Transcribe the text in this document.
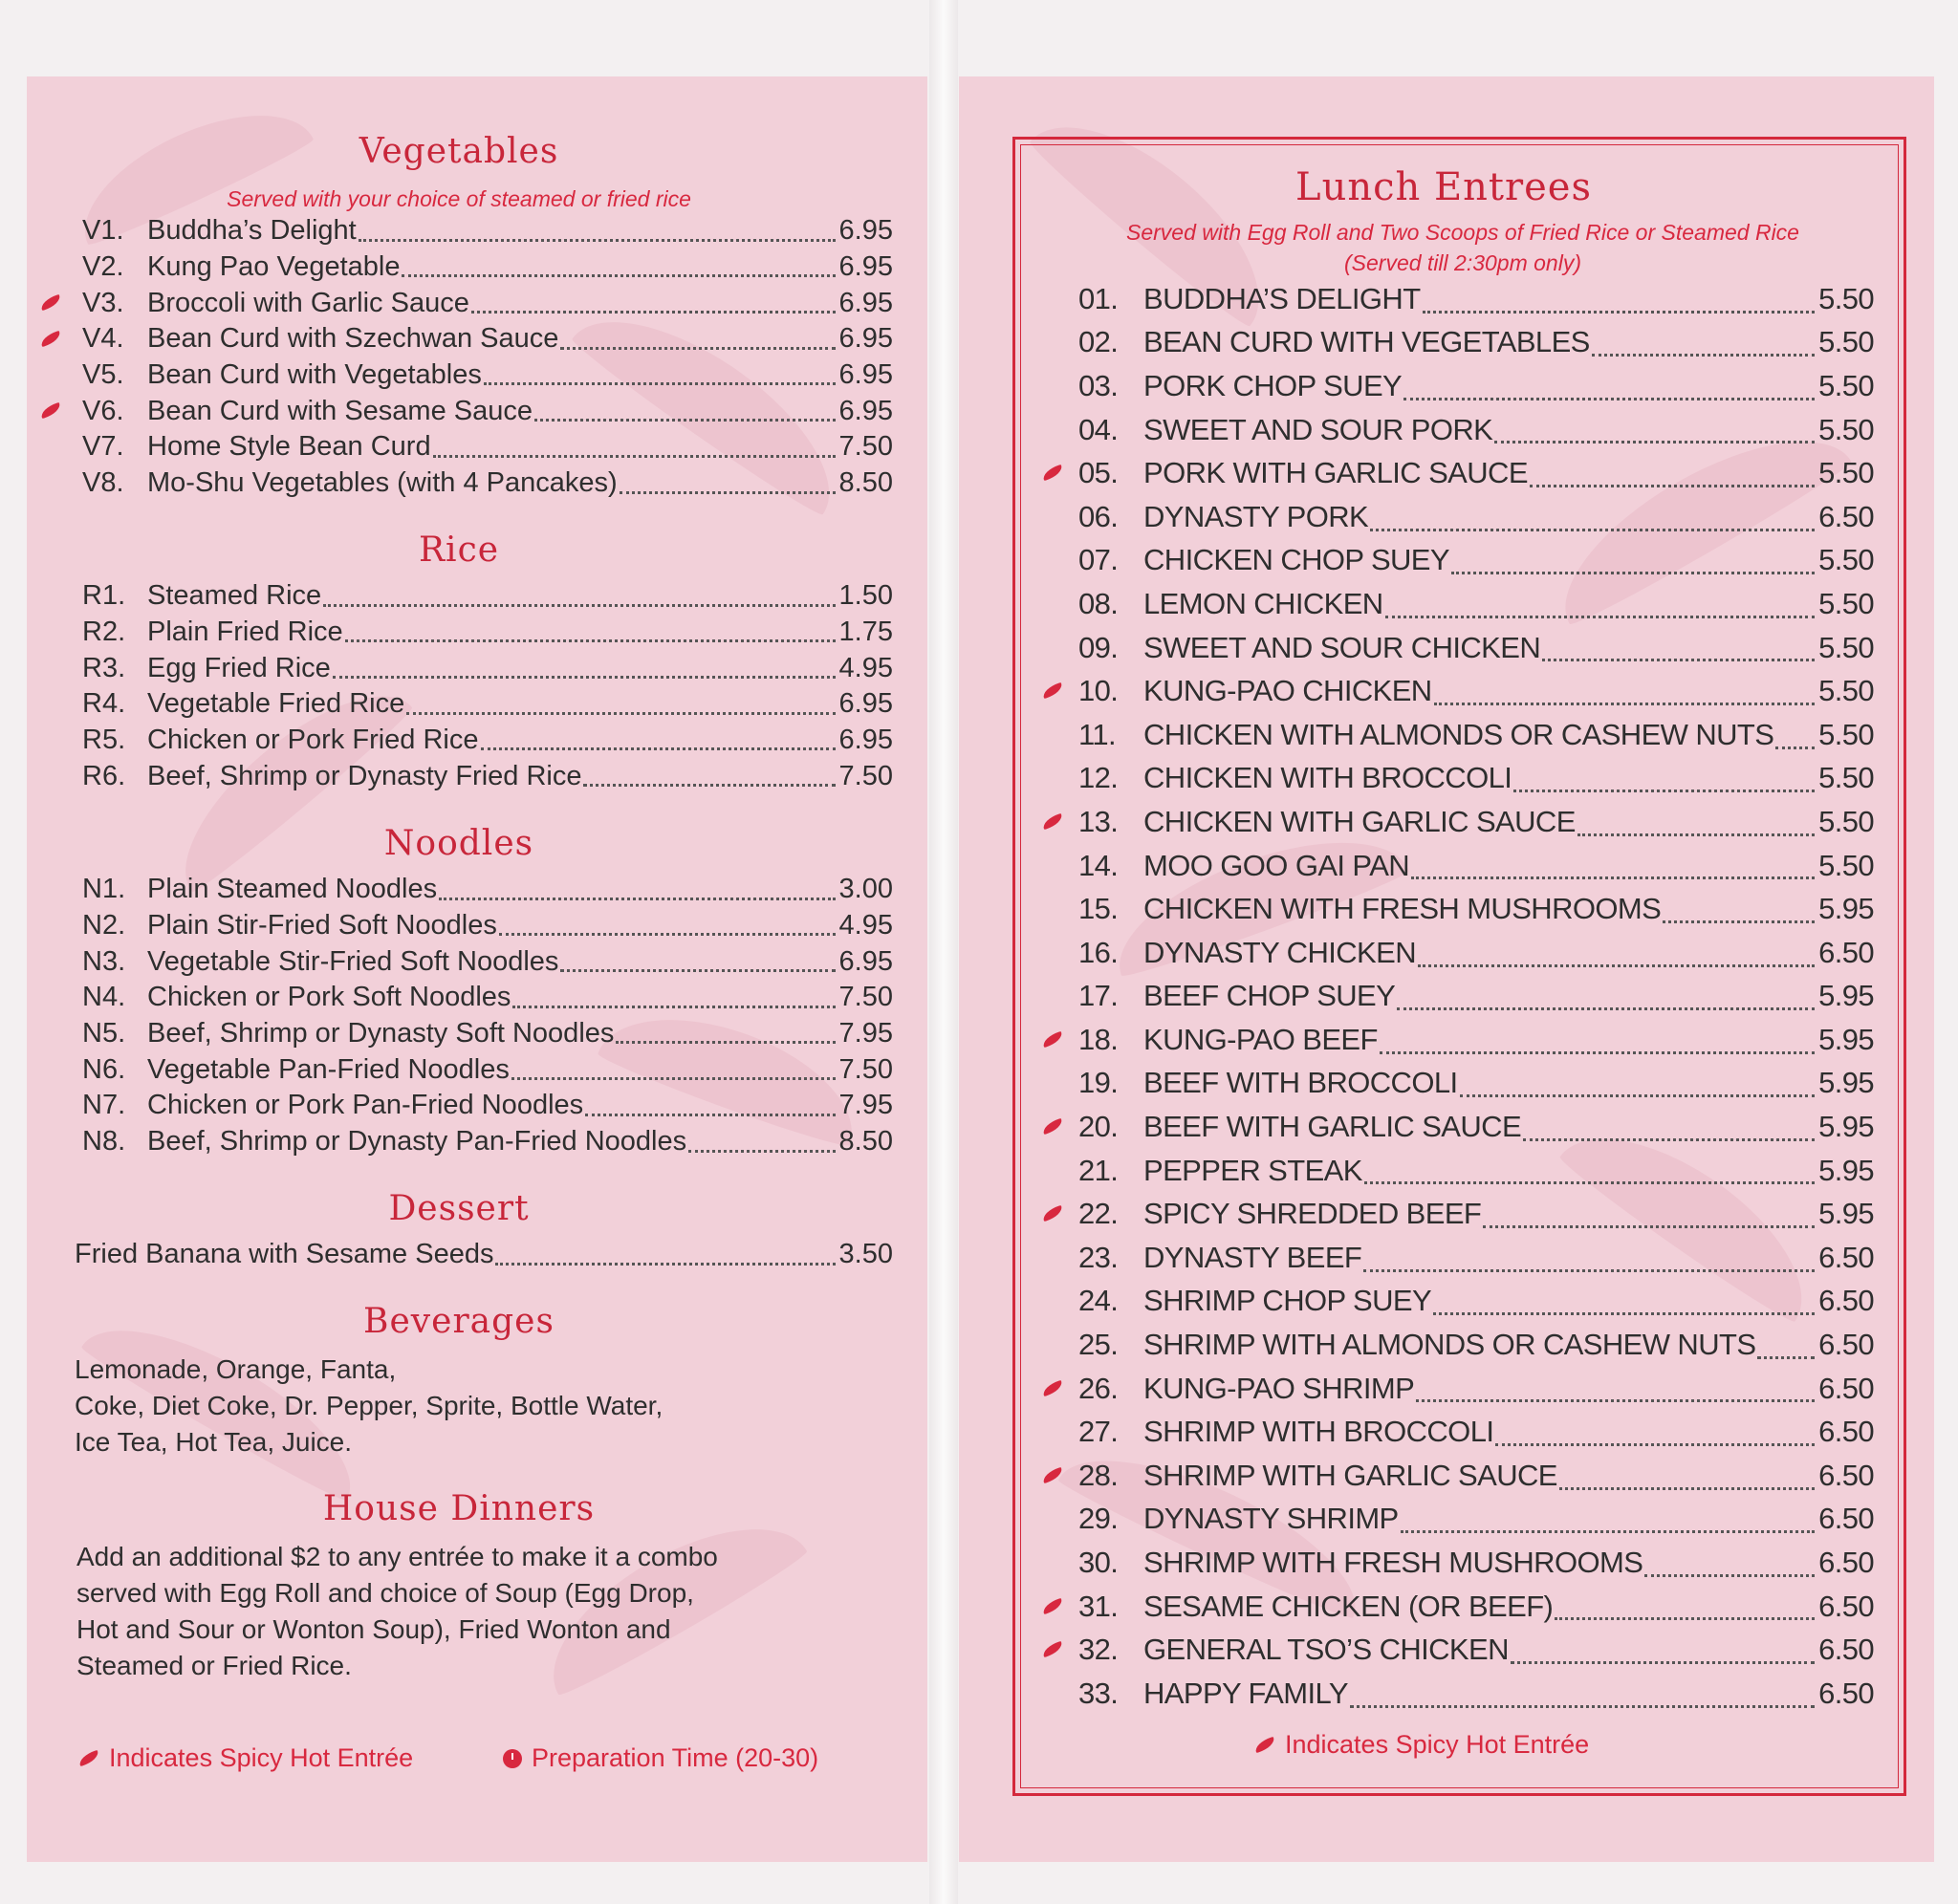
Vegetables
Served with your choice of steamed or fried rice
V1. Buddha’s Delight	6.95
V2. Kung Pao Vegetable	6.95
V3. Broccoli with Garlic Sauce	6.95
V4. Bean Curd with Szechwan Sauce	6.95
V5. Bean Curd with Vegetables	6.95
V6. Bean Curd with Sesame Sauce	6.95
V7. Home Style Bean Curd	7.50
V8. Mo-Shu Vegetables (with 4 Pancakes)	8.50
Rice
R1. Steamed Rice	1.50
R2. Plain Fried Rice	1.75
R3. Egg Fried Rice	4.95
R4. Vegetable Fried Rice	6.95
R5. Chicken or Pork Fried Rice	6.95
R6. Beef, Shrimp or Dynasty Fried Rice	7.50
Noodles
N1. Plain Steamed Noodles	3.00
N2. Plain Stir-Fried Soft Noodles	4.95
N3. Vegetable Stir-Fried Soft Noodles	6.95
N4. Chicken or Pork Soft Noodles	7.50
N5. Beef, Shrimp or Dynasty Soft Noodles	7.95
N6. Vegetable Pan-Fried Noodles	7.50
N7. Chicken or Pork Pan-Fried Noodles	7.95
N8. Beef, Shrimp or Dynasty Pan-Fried Noodles	8.50
Dessert
Fried Banana with Sesame Seeds	3.50
Beverages
Lemonade, Orange, Fanta,
Coke, Diet Coke, Dr. Pepper, Sprite, Bottle Water,
Ice Tea, Hot Tea, Juice.
House Dinners
Add an additional $2 to any entrée to make it a combo
served with Egg Roll and choice of Soup (Egg Drop,
Hot and Sour or Wonton Soup), Fried Wonton and
Steamed or Fried Rice.
Indicates Spicy Hot Entrée	Preparation Time (20-30)
Lunch Entrees
Served with Egg Roll and Two Scoops of Fried Rice or Steamed Rice
(Served till 2:30pm only)
01. BUDDHA’S DELIGHT	5.50
02. BEAN CURD WITH VEGETABLES	5.50
03. PORK CHOP SUEY	5.50
04. SWEET AND SOUR PORK	5.50
05. PORK WITH GARLIC SAUCE	5.50
06. DYNASTY PORK	6.50
07. CHICKEN CHOP SUEY	5.50
08. LEMON CHICKEN	5.50
09. SWEET AND SOUR CHICKEN	5.50
10. KUNG-PAO CHICKEN	5.50
11. CHICKEN WITH ALMONDS OR CASHEW NUTS 5.50
12. CHICKEN WITH BROCCOLI	5.50
13. CHICKEN WITH GARLIC SAUCE	5.50
14. MOO GOO GAI PAN	5.50
15. CHICKEN WITH FRESH MUSHROOMS	5.95
16. DYNASTY CHICKEN	6.50
17. BEEF CHOP SUEY	5.95
18. KUNG-PAO BEEF	5.95
19. BEEF WITH BROCCOLI	5.95
20. BEEF WITH GARLIC SAUCE	5.95
21. PEPPER STEAK	5.95
22. SPICY SHREDDED BEEF	5.95
23. DYNASTY BEEF	6.50
24. SHRIMP CHOP SUEY	6.50
25. SHRIMP WITH ALMONDS OR CASHEW NUTS 6.50
26. KUNG-PAO SHRIMP	6.50
27. SHRIMP WITH BROCCOLI	6.50
28. SHRIMP WITH GARLIC SAUCE	6.50
29. DYNASTY SHRIMP	6.50
30. SHRIMP WITH FRESH MUSHROOMS	6.50
31. SESAME CHICKEN (OR BEEF)	6.50
32. GENERAL TSO’S CHICKEN	6.50
33. HAPPY FAMILY	6.50
Indicates Spicy Hot Entrée
